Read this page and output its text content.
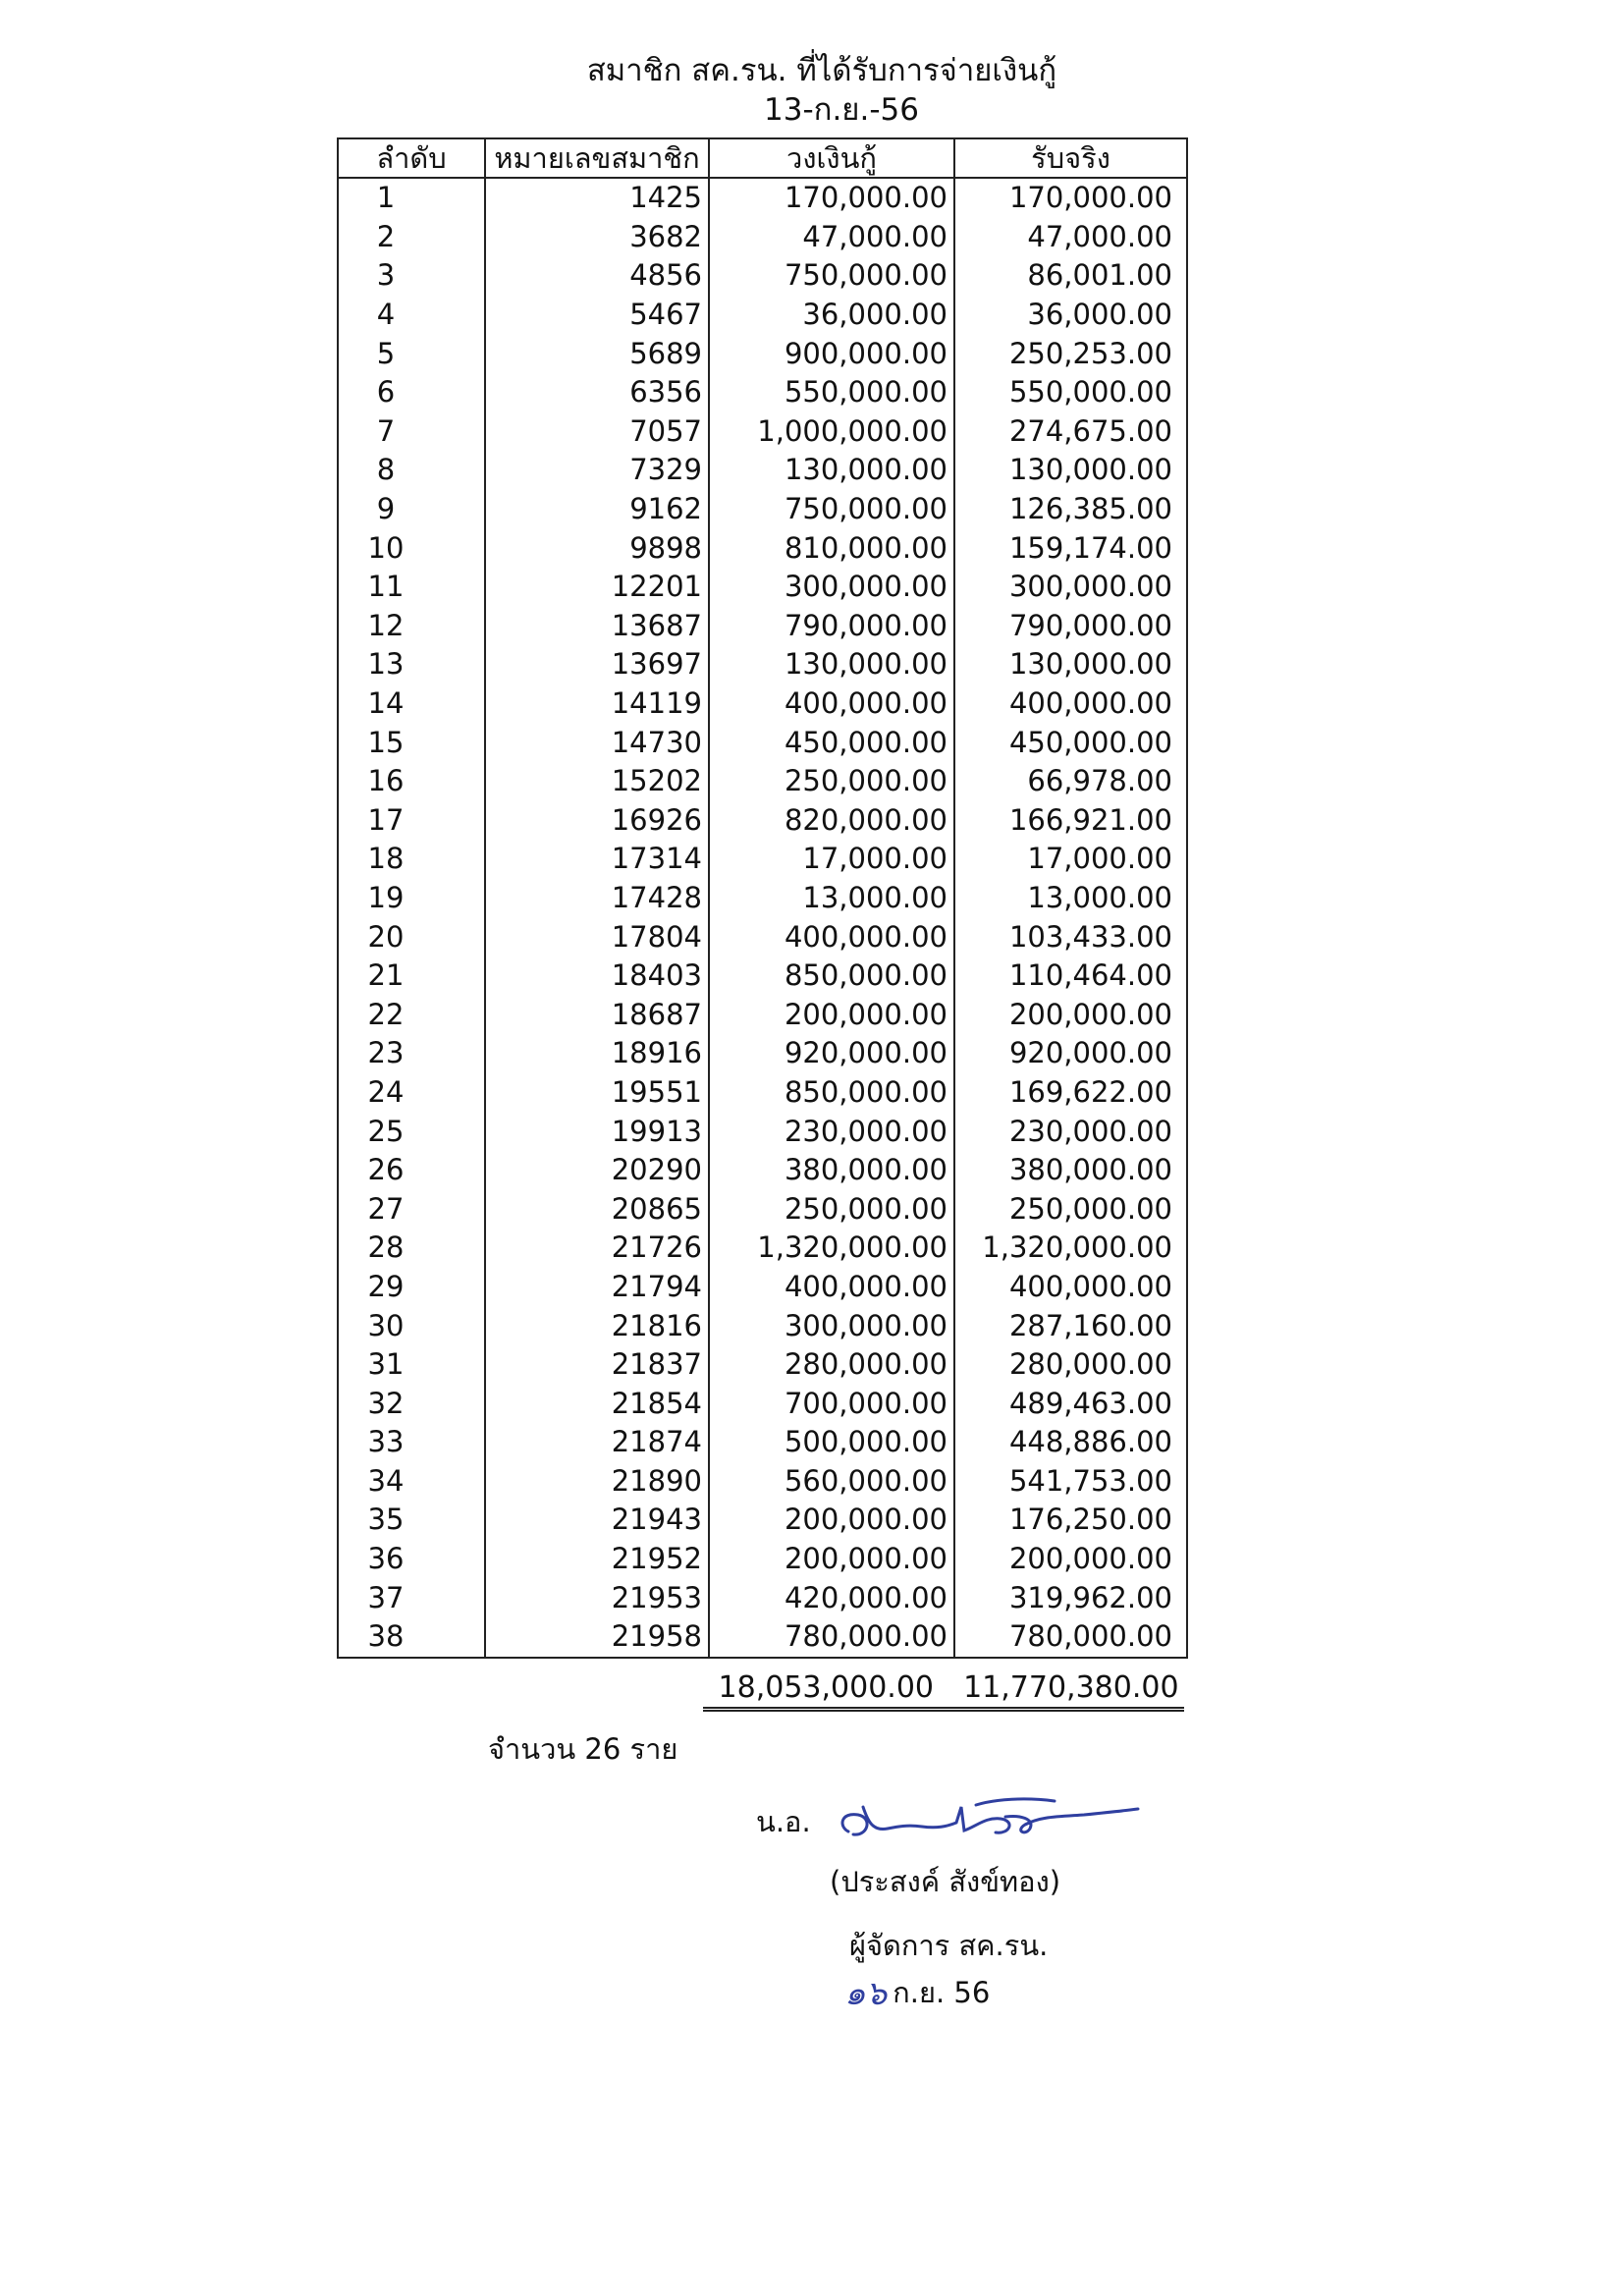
สมาชิก สค.รน. ที่ได้รับการจ่ายเงินกู้
13-ก.ย.-56
ลำดับ	หมายเลขสมาชิก	วงเงินกู้	รับจริง
1	1425	170,000.00	170,000.00
2	3682	47,000.00	47,000.00
3	4856	750,000.00	86,001.00
4	5467	36,000.00	36,000.00
5	5689	900,000.00	250,253.00
6	6356	550,000.00	550,000.00
7	7057	1,000,000.00	274,675.00
8	7329	130,000.00	130,000.00
9	9162	750,000.00	126,385.00
10	9898	810,000.00	159,174.00
11	12201	300,000.00	300,000.00
12	13687	790,000.00	790,000.00
13	13697	130,000.00	130,000.00
14	14119	400,000.00	400,000.00
15	14730	450,000.00	450,000.00
16	15202	250,000.00	66,978.00
17	16926	820,000.00	166,921.00
18	17314	17,000.00	17,000.00
19	17428	13,000.00	13,000.00
20	17804	400,000.00	103,433.00
21	18403	850,000.00	110,464.00
22	18687	200,000.00	200,000.00
23	18916	920,000.00	920,000.00
24	19551	850,000.00	169,622.00
25	19913	230,000.00	230,000.00
26	20290	380,000.00	380,000.00
27	20865	250,000.00	250,000.00
28	21726	1,320,000.00	1,320,000.00
29	21794	400,000.00	400,000.00
30	21816	300,000.00	287,160.00
31	21837	280,000.00	280,000.00
32	21854	700,000.00	489,463.00
33	21874	500,000.00	448,886.00
34	21890	560,000.00	541,753.00
35	21943	200,000.00	176,250.00
36	21952	200,000.00	200,000.00
37	21953	420,000.00	319,962.00
38	21958	780,000.00	780,000.00
18,053,000.00 11,770,380.00
จำนวน 26 ราย
น.อ.
(ประสงค์ สังข์ทอง)
ผู้จัดการ สค.รน.
๑๖ ก.ย. 56
